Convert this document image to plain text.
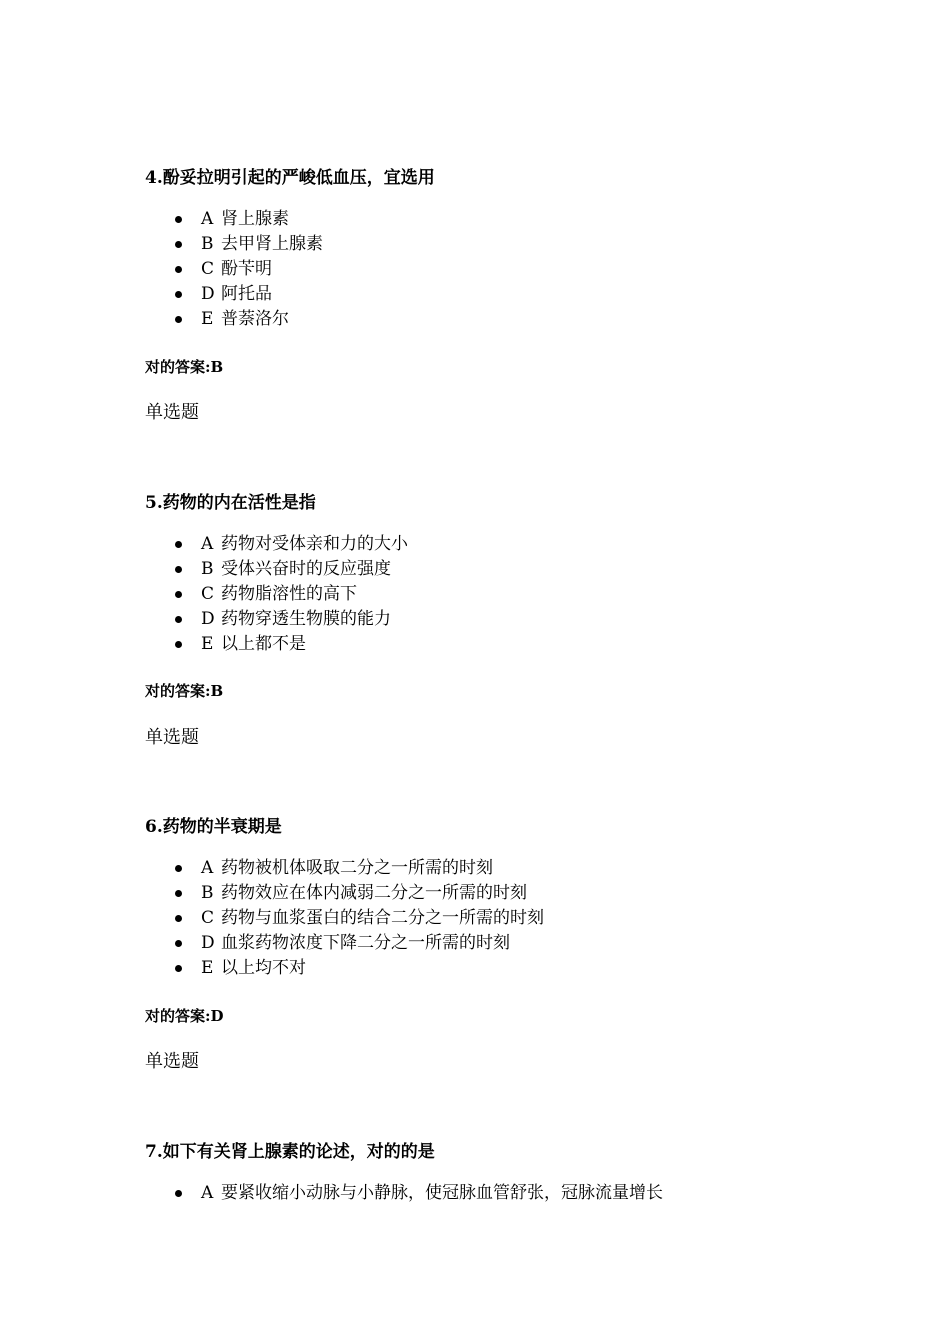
4.酚妥拉明引起的严峻低血压，宜选用
A 肾上腺素
B 去甲肾上腺素
C 酚苄明
D 阿托品
E 普萘洛尔
对的答案:B
单选题
5.药物的内在活性是指
A 药物对受体亲和力的大小
B 受体兴奋时的反应强度
C 药物脂溶性的高下
D 药物穿透生物膜的能力
E 以上都不是
对的答案:B
单选题
6.药物的半衰期是
A 药物被机体吸取二分之一所需的时刻
B 药物效应在体内减弱二分之一所需的时刻
C 药物与血浆蛋白的结合二分之一所需的时刻
D 血浆药物浓度下降二分之一所需的时刻
E 以上均不对
对的答案:D
单选题
7.如下有关肾上腺素的论述，对的的是
A 要紧收缩小动脉与小静脉，使冠脉血管舒张，冠脉流量增长
